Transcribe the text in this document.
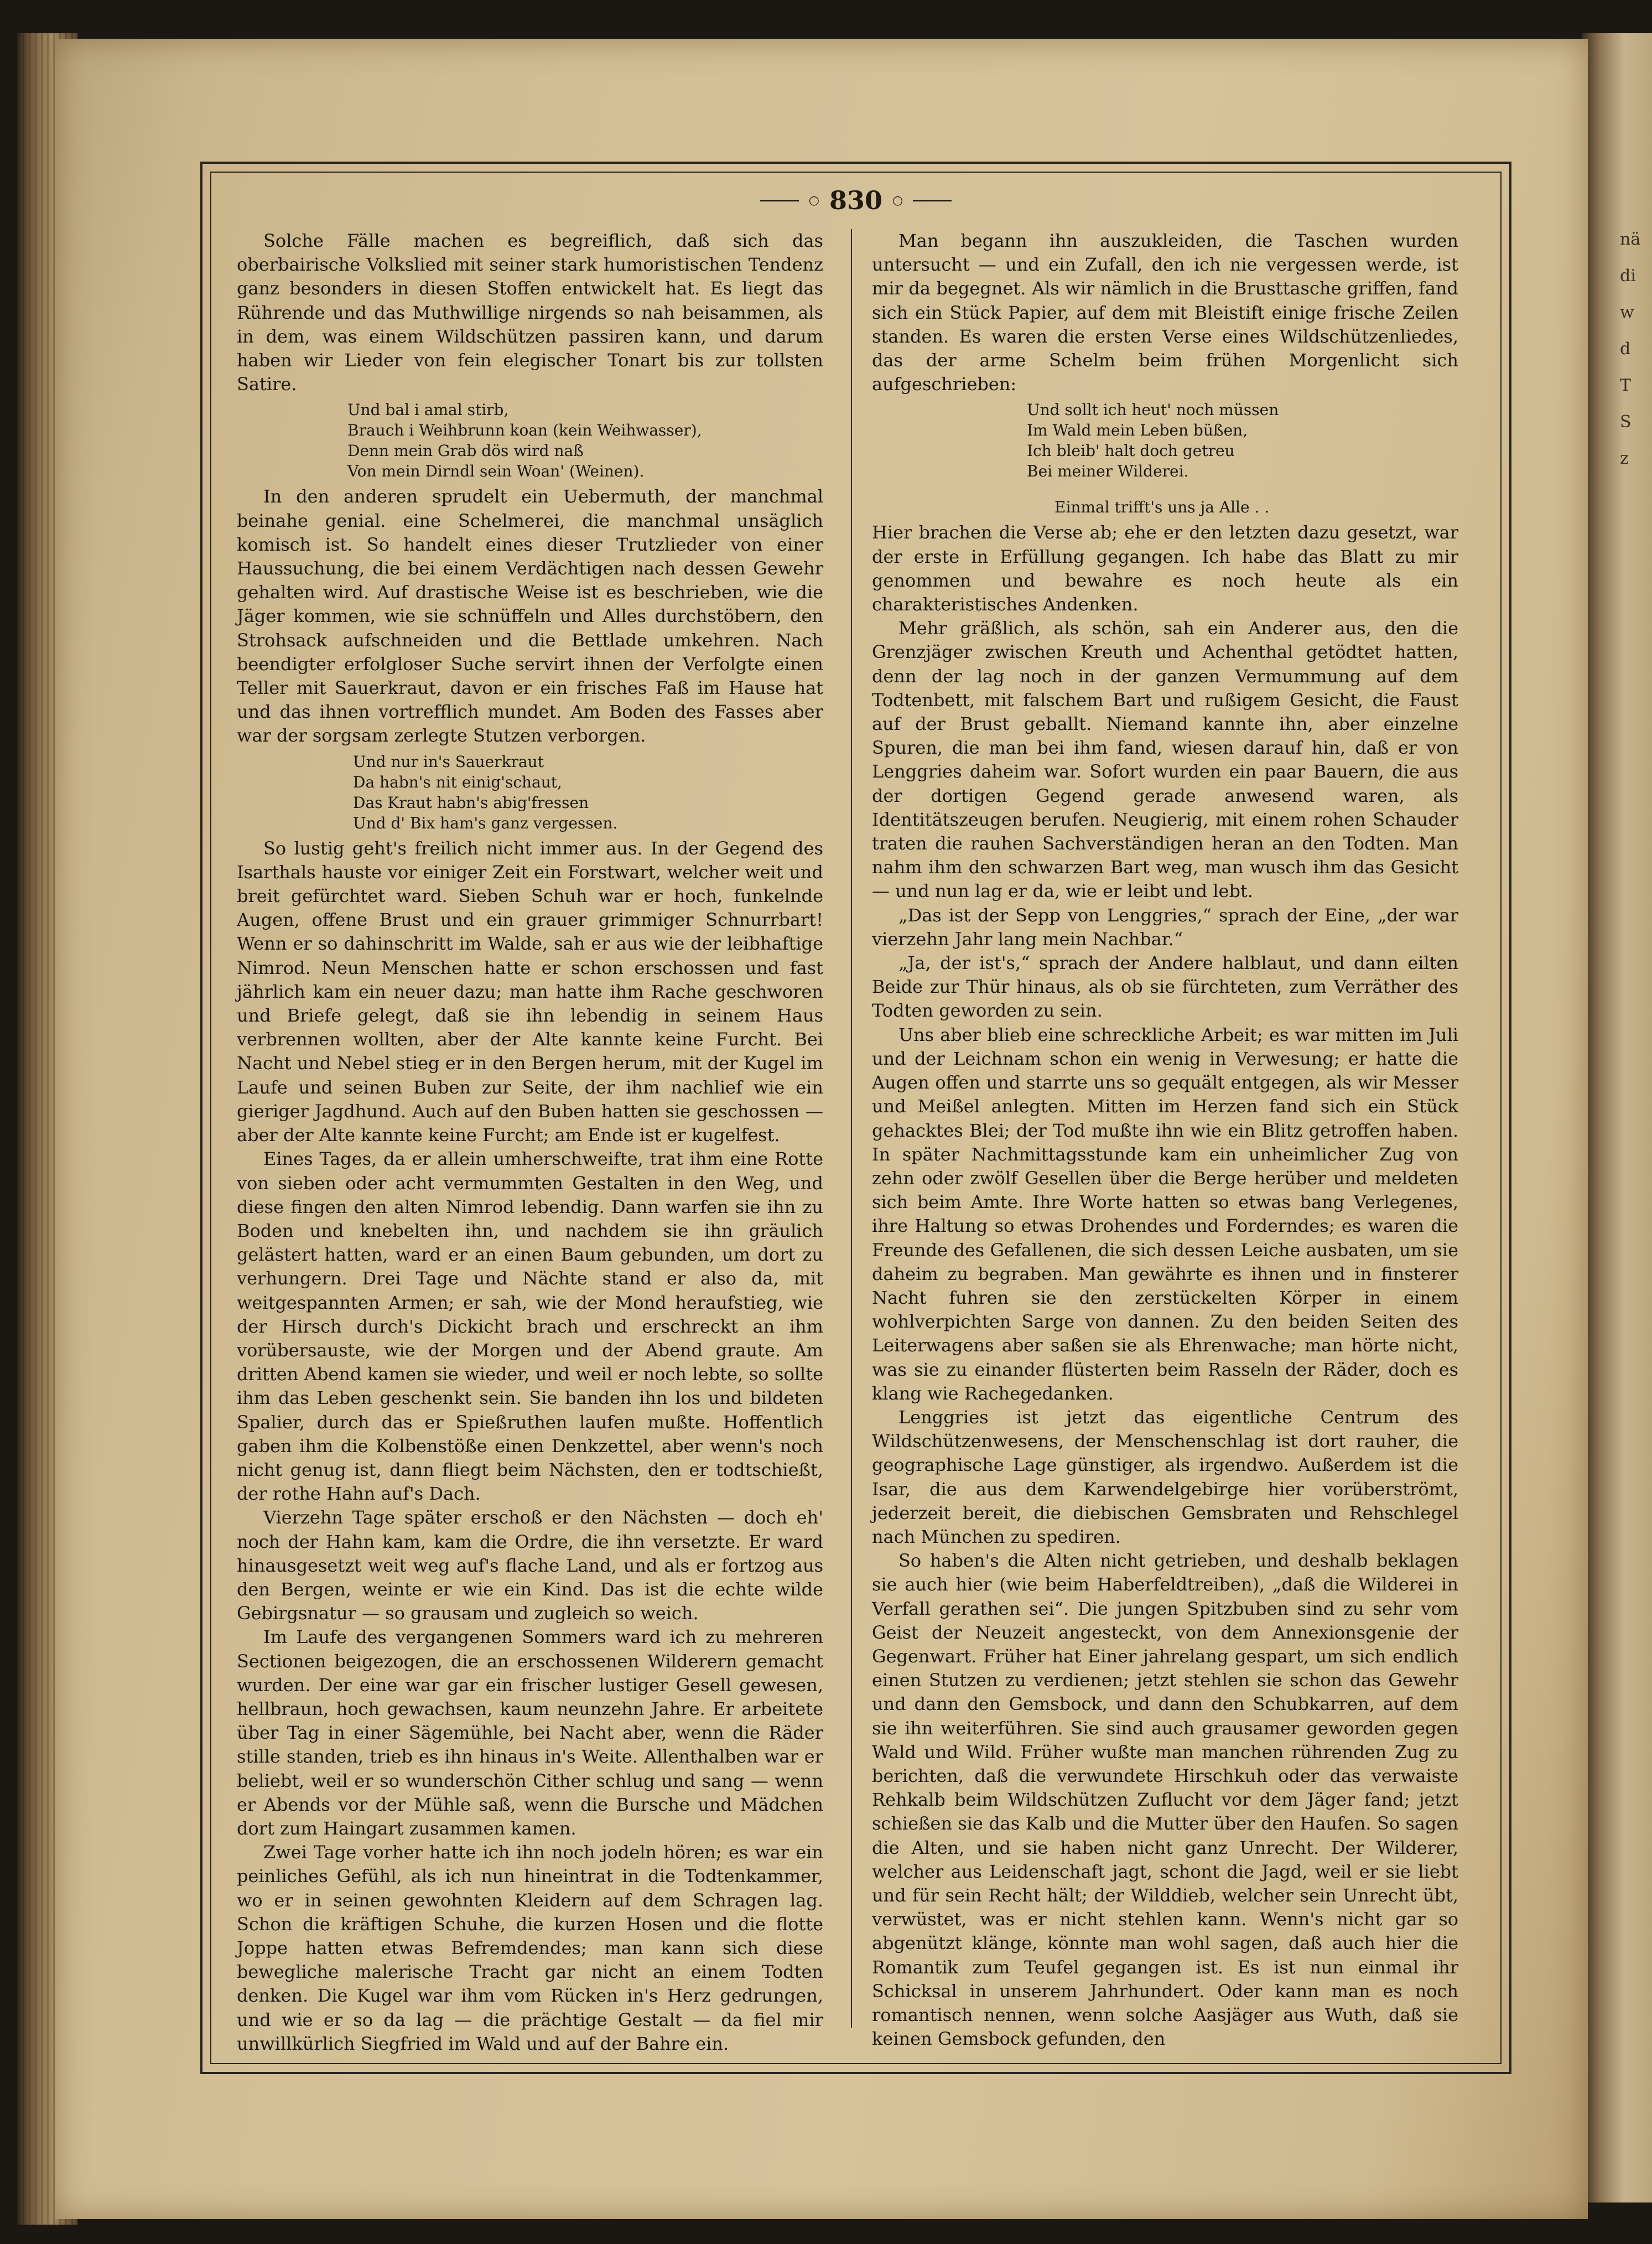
nä
di
w
d
T
S
z
○ 830 ○

Solche Fälle machen es begreiflich, daß sich das oberbairische Volkslied mit seiner stark humoristischen Tendenz ganz besonders in diesen Stoffen entwickelt hat. Es liegt das Rührende und das Muthwillige nirgends so nah beisammen, als in dem, was einem Wildschützen passiren kann, und darum haben wir Lieder von fein elegischer Tonart bis zur tollsten Satire.

Und bal i amal stirb,
Brauch i Weihbrunn koan (kein Weihwasser),
Denn mein Grab dös wird naß
Von mein Dirndl sein Woan' (Weinen).

In den anderen sprudelt ein Uebermuth, der manchmal beinahe genial. eine Schelmerei, die manchmal unsäglich komisch ist. So handelt eines dieser Trutzlieder von einer Haussuchung, die bei einem Verdächtigen nach dessen Gewehr gehalten wird. Auf drastische Weise ist es beschrieben, wie die Jäger kommen, wie sie schnüffeln und Alles durchstöbern, den Strohsack aufschneiden und die Bettlade umkehren. Nach beendigter erfolgloser Suche servirt ihnen der Verfolgte einen Teller mit Sauerkraut, davon er ein frisches Faß im Hause hat und das ihnen vortrefflich mundet. Am Boden des Fasses aber war der sorgsam zerlegte Stutzen verborgen.

Und nur in's Sauerkraut
Da habn's nit einig'schaut,
Das Kraut habn's abig'fressen
Und d' Bix ham's ganz vergessen.

So lustig geht's freilich nicht immer aus. In der Gegend des Isarthals hauste vor einiger Zeit ein Forstwart, welcher weit und breit gefürchtet ward. Sieben Schuh war er hoch, funkelnde Augen, offene Brust und ein grauer grimmiger Schnurrbart! Wenn er so dahinschritt im Walde, sah er aus wie der leibhaftige Nimrod. Neun Menschen hatte er schon erschossen und fast jährlich kam ein neuer dazu; man hatte ihm Rache geschworen und Briefe gelegt, daß sie ihn lebendig in seinem Haus verbrennen wollten, aber der Alte kannte keine Furcht. Bei Nacht und Nebel stieg er in den Bergen herum, mit der Kugel im Laufe und seinen Buben zur Seite, der ihm nachlief wie ein gieriger Jagdhund. Auch auf den Buben hatten sie geschossen — aber der Alte kannte keine Furcht; am Ende ist er kugelfest.

Eines Tages, da er allein umherschweifte, trat ihm eine Rotte von sieben oder acht vermummten Gestalten in den Weg, und diese fingen den alten Nimrod lebendig. Dann warfen sie ihn zu Boden und knebelten ihn, und nachdem sie ihn gräulich gelästert hatten, ward er an einen Baum gebunden, um dort zu verhungern. Drei Tage und Nächte stand er also da, mit weitgespannten Armen; er sah, wie der Mond heraufstieg, wie der Hirsch durch's Dickicht brach und erschreckt an ihm vorübersauste, wie der Morgen und der Abend graute. Am dritten Abend kamen sie wieder, und weil er noch lebte, so sollte ihm das Leben geschenkt sein. Sie banden ihn los und bildeten Spalier, durch das er Spießruthen laufen mußte. Hoffentlich gaben ihm die Kolbenstöße einen Denkzettel, aber wenn's noch nicht genug ist, dann fliegt beim Nächsten, den er todtschießt, der rothe Hahn auf's Dach.

Vierzehn Tage später erschoß er den Nächsten — doch eh' noch der Hahn kam, kam die Ordre, die ihn versetzte. Er ward hinausgesetzt weit weg auf's flache Land, und als er fortzog aus den Bergen, weinte er wie ein Kind. Das ist die echte wilde Gebirgsnatur — so grausam und zugleich so weich.

Im Laufe des vergangenen Sommers ward ich zu mehreren Sectionen beigezogen, die an erschossenen Wilderern gemacht wurden. Der eine war gar ein frischer lustiger Gesell gewesen, hellbraun, hoch gewachsen, kaum neunzehn Jahre. Er arbeitete über Tag in einer Sägemühle, bei Nacht aber, wenn die Räder stille standen, trieb es ihn hinaus in's Weite. Allenthalben war er beliebt, weil er so wunderschön Cither schlug und sang — wenn er Abends vor der Mühle saß, wenn die Bursche und Mädchen dort zum Haingart zusammen kamen.

Zwei Tage vorher hatte ich ihn noch jodeln hören; es war ein peinliches Gefühl, als ich nun hineintrat in die Todtenkammer, wo er in seinen gewohnten Kleidern auf dem Schragen lag. Schon die kräftigen Schuhe, die kurzen Hosen und die flotte Joppe hatten etwas Befremdendes; man kann sich diese bewegliche malerische Tracht gar nicht an einem Todten denken. Die Kugel war ihm vom Rücken in's Herz gedrungen, und wie er so da lag — die prächtige Gestalt — da fiel mir unwillkürlich Siegfried im Wald und auf der Bahre ein.

Man begann ihn auszukleiden, die Taschen wurden untersucht — und ein Zufall, den ich nie vergessen werde, ist mir da begegnet. Als wir nämlich in die Brusttasche griffen, fand sich ein Stück Papier, auf dem mit Bleistift einige frische Zeilen standen. Es waren die ersten Verse eines Wildschützenliedes, das der arme Schelm beim frühen Morgenlicht sich aufgeschrieben:

Und sollt ich heut' noch müssen
Im Wald mein Leben büßen,
Ich bleib' halt doch getreu
Bei meiner Wilderei.
Einmal trifft's uns ja Alle . .

Hier brachen die Verse ab; ehe er den letzten dazu gesetzt, war der erste in Erfüllung gegangen. Ich habe das Blatt zu mir genommen und bewahre es noch heute als ein charakteristisches Andenken.

Mehr gräßlich, als schön, sah ein Anderer aus, den die Grenzjäger zwischen Kreuth und Achenthal getödtet hatten, denn der lag noch in der ganzen Vermummung auf dem Todtenbett, mit falschem Bart und rußigem Gesicht, die Faust auf der Brust geballt. Niemand kannte ihn, aber einzelne Spuren, die man bei ihm fand, wiesen darauf hin, daß er von Lenggries daheim war. Sofort wurden ein paar Bauern, die aus der dortigen Gegend gerade anwesend waren, als Identitätszeugen berufen. Neugierig, mit einem rohen Schauder traten die rauhen Sachverständigen heran an den Todten. Man nahm ihm den schwarzen Bart weg, man wusch ihm das Gesicht — und nun lag er da, wie er leibt und lebt.

„Das ist der Sepp von Lenggries,“ sprach der Eine, „der war vierzehn Jahr lang mein Nachbar.“

„Ja, der ist's,“ sprach der Andere halblaut, und dann eilten Beide zur Thür hinaus, als ob sie fürchteten, zum Verräther des Todten geworden zu sein.

Uns aber blieb eine schreckliche Arbeit; es war mitten im Juli und der Leichnam schon ein wenig in Verwesung; er hatte die Augen offen und starrte uns so gequält entgegen, als wir Messer und Meißel anlegten. Mitten im Herzen fand sich ein Stück gehacktes Blei; der Tod mußte ihn wie ein Blitz getroffen haben. In später Nachmittagsstunde kam ein unheimlicher Zug von zehn oder zwölf Gesellen über die Berge herüber und meldeten sich beim Amte. Ihre Worte hatten so etwas bang Verlegenes, ihre Haltung so etwas Drohendes und Forderndes; es waren die Freunde des Gefallenen, die sich dessen Leiche ausbaten, um sie daheim zu begraben. Man gewährte es ihnen und in finsterer Nacht fuhren sie den zerstückelten Körper in einem wohlverpichten Sarge von dannen. Zu den beiden Seiten des Leiterwagens aber saßen sie als Ehrenwache; man hörte nicht, was sie zu einander flüsterten beim Rasseln der Räder, doch es klang wie Rachegedanken.

Lenggries ist jetzt das eigentliche Centrum des Wildschützenwesens, der Menschenschlag ist dort rauher, die geographische Lage günstiger, als irgendwo. Außerdem ist die Isar, die aus dem Karwendelgebirge hier vorüberströmt, jederzeit bereit, die diebischen Gemsbraten und Rehschlegel nach München zu spediren.

So haben's die Alten nicht getrieben, und deshalb beklagen sie auch hier (wie beim Haberfeldtreiben), „daß die Wilderei in Verfall gerathen sei“. Die jungen Spitzbuben sind zu sehr vom Geist der Neuzeit angesteckt, von dem Annexionsgenie der Gegenwart. Früher hat Einer jahrelang gespart, um sich endlich einen Stutzen zu verdienen; jetzt stehlen sie schon das Gewehr und dann den Gemsbock, und dann den Schubkarren, auf dem sie ihn weiterführen. Sie sind auch grausamer geworden gegen Wald und Wild. Früher wußte man manchen rührenden Zug zu berichten, daß die verwundete Hirschkuh oder das verwaiste Rehkalb beim Wildschützen Zuflucht vor dem Jäger fand; jetzt schießen sie das Kalb und die Mutter über den Haufen. So sagen die Alten, und sie haben nicht ganz Unrecht. Der Wilderer, welcher aus Leidenschaft jagt, schont die Jagd, weil er sie liebt und für sein Recht hält; der Wilddieb, welcher sein Unrecht übt, verwüstet, was er nicht stehlen kann. Wenn's nicht gar so abgenützt klänge, könnte man wohl sagen, daß auch hier die Romantik zum Teufel gegangen ist. Es ist nun einmal ihr Schicksal in unserem Jahrhundert. Oder kann man es noch romantisch nennen, wenn solche Aasjäger aus Wuth, daß sie keinen Gemsbock gefunden, den
